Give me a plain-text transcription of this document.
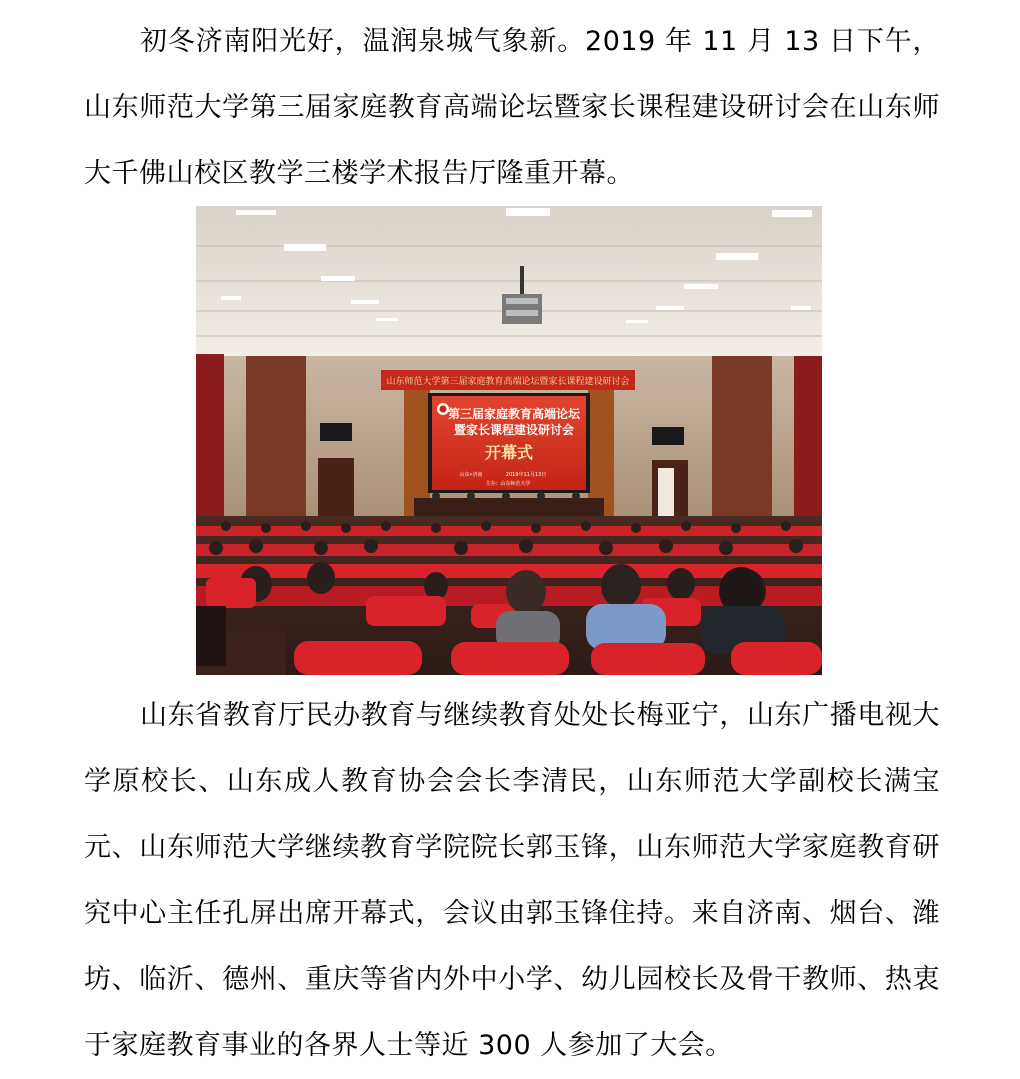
初冬济南阳光好，温润泉城气象新。2019 年 11 月 13 日下午，山东师范大学第三届家庭教育高端论坛暨家长课程建设研讨会在山东师大千佛山校区教学三楼学术报告厅隆重开幕。

山东师范大学第三届家庭教育高端论坛暨家长课程建设研讨会
第三届家庭教育高端论坛
暨家长课程建设研讨会
开幕式
山东•济南	2019年11月13日
主办：山东师范大学

山东省教育厅民办教育与继续教育处处长梅亚宁，山东广播电视大学原校长、山东成人教育协会会长李清民，山东师范大学副校长满宝元、山东师范大学继续教育学院院长郭玉锋，山东师范大学家庭教育研究中心主任孔屏出席开幕式，会议由郭玉锋住持。来自济南、烟台、潍坊、临沂、德州、重庆等省内外中小学、幼儿园校长及骨干教师、热衷于家庭教育事业的各界人士等近 300 人参加了大会。
